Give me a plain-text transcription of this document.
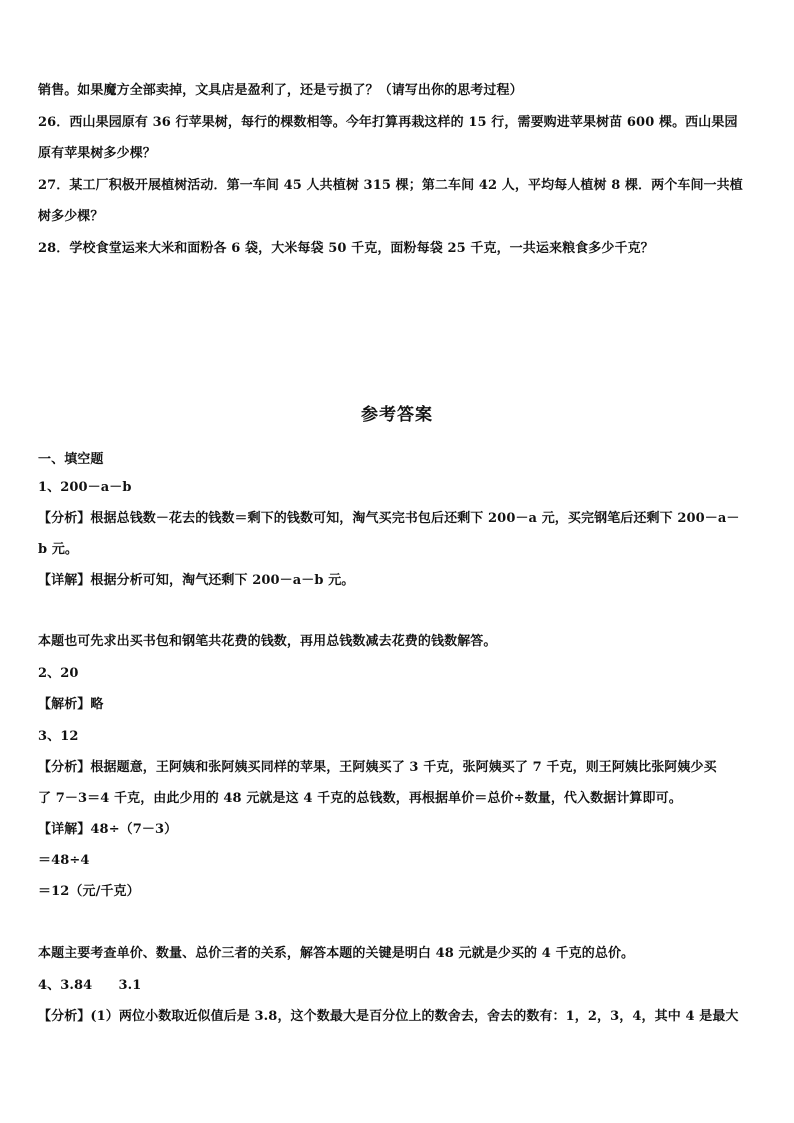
销售。如果魔方全部卖掉，文具店是盈利了，还是亏损了？（请写出你的思考过程）
26．西山果园原有 36 行苹果树，每行的棵数相等。今年打算再栽这样的 15 行，需要购进苹果树苗 600 棵。西山果园
原有苹果树多少棵？
27．某工厂积极开展植树活动．第一车间 45 人共植树 315 棵；第二车间 42 人，平均每人植树 8 棵．两个车间一共植
树多少棵？
28．学校食堂运来大米和面粉各 6 袋，大米每袋 50 千克，面粉每袋 25 千克，一共运来粮食多少千克？
参考答案
一、填空题
1、200－a－b
【分析】根据总钱数－花去的钱数＝剩下的钱数可知，淘气买完书包后还剩下 200－a 元，买完钢笔后还剩下 200－a－
b 元。
【详解】根据分析可知，淘气还剩下 200－a－b 元。
本题也可先求出买书包和钢笔共花费的钱数，再用总钱数减去花费的钱数解答。
2、20
【解析】略
3、12
【分析】根据题意，王阿姨和张阿姨买同样的苹果，王阿姨买了 3 千克，张阿姨买了 7 千克，则王阿姨比张阿姨少买
了 7－3＝4 千克，由此少用的 48 元就是这 4 千克的总钱数，再根据单价＝总价÷数量，代入数据计算即可。
【详解】48÷（7－3）
＝48÷4
＝12（元/千克）
本题主要考查单价、数量、总价三者的关系，解答本题的关键是明白 48 元就是少买的 4 千克的总价。
4、3.84　　3.1
【分析】(1）两位小数取近似值后是 3.8，这个数最大是百分位上的数舍去，舍去的数有：1，2，3，4，其中 4 是最大
